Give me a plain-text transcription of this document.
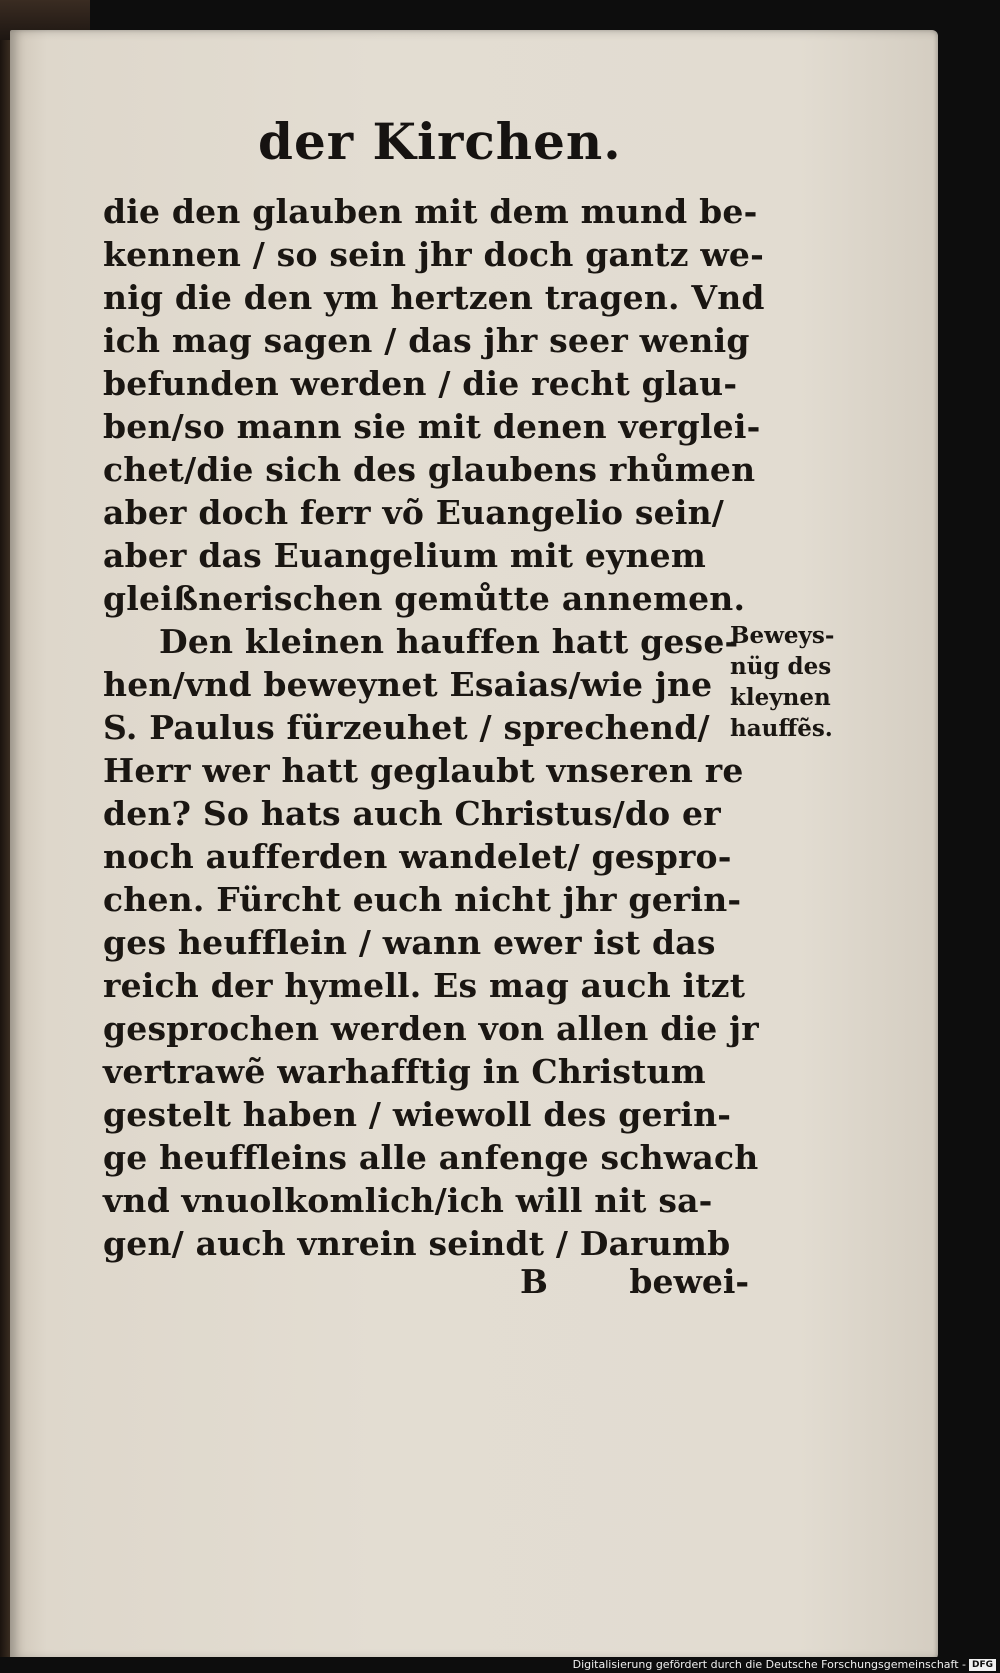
der Kirchen.
die den glauben mit dem mund be-
kennen / so sein jhr doch gantz we-
nig die den ym hertzen tragen. Vnd
ich mag sagen / das jhr seer wenig
befunden werden / die recht glau-
ben/so mann sie mit denen verglei-
chet/die sich des glaubens rhůmen
aber doch ferr võ Euangelio sein/
aber das Euangelium mit eynem
gleißnerischen gemůtte annemen.
Den kleinen hauffen hatt gese-
hen/vnd beweynet Esaias/wie jne
S. Paulus fürzeuhet / sprechend/
Herr wer hatt geglaubt vnseren re
den? So hats auch Christus/do er
noch aufferden wandelet/ gespro-
chen. Fürcht euch nicht jhr gerin-
ges heufflein / wann ewer ist das
reich der hymell. Es mag auch itzt
gesprochen werden von allen die jr
vertrawẽ warhafftig in Christum
gestelt haben / wiewoll des gerin-
ge heuffleins alle anfenge schwach
vnd vnuolkomlich/ich will nit sa-
gen/ auch vnrein seindt / Darumb
Beweys-
nüg des
kleynen
hauffẽs.
B bewei-
Digitalisierung gefördert durch die Deutsche Forschungsgemeinschaft - DFG
